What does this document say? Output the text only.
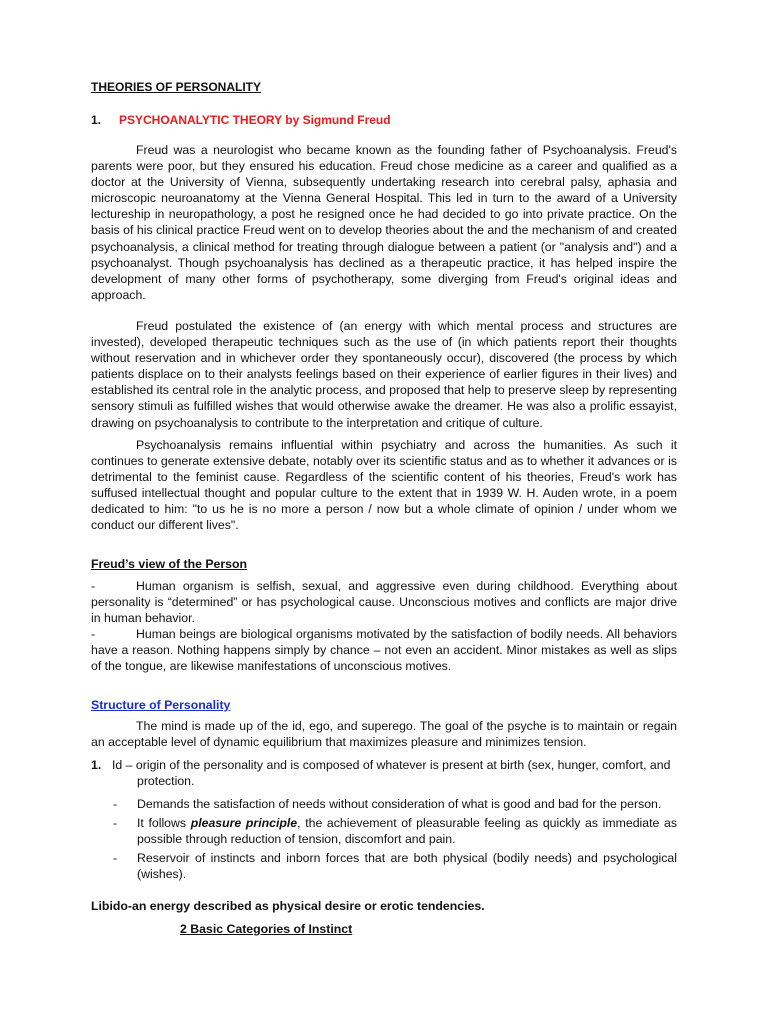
THEORIES OF PERSONALITY
1. PSYCHOANALYTIC THEORY by Sigmund Freud

Freud was a neurologist who became known as the founding father of Psychoanalysis. Freud's parents were poor, but they ensured his education. Freud chose medicine as a career and qualified as a doctor at the University of Vienna, subsequently undertaking research into cerebral palsy, aphasia and microscopic neuroanatomy at the Vienna General Hospital. This led in turn to the award of a University lectureship in neuropathology, a post he resigned once he had decided to go into private practice. On the basis of his clinical practice Freud went on to develop theories about the and the mechanism of and created psychoanalysis, a clinical method for treating through dialogue between a patient (or "analysis and") and a psychoanalyst. Though psychoanalysis has declined as a therapeutic practice, it has helped inspire the development of many other forms of psychotherapy, some diverging from Freud's original ideas and approach.

Freud postulated the existence of (an energy with which mental process and structures are invested), developed therapeutic techniques such as the use of (in which patients report their thoughts without reservation and in whichever order they spontaneously occur), discovered (the process by which patients displace on to their analysts feelings based on their experience of earlier figures in their lives) and established its central role in the analytic process, and proposed that help to preserve sleep by representing sensory stimuli as fulfilled wishes that would otherwise awake the dreamer. He was also a prolific essayist, drawing on psychoanalysis to contribute to the interpretation and critique of culture.

Psychoanalysis remains influential within psychiatry and across the humanities. As such it continues to generate extensive debate, notably over its scientific status and as to whether it advances or is detrimental to the feminist cause. Regardless of the scientific content of his theories, Freud's work has suffused intellectual thought and popular culture to the extent that in 1939 W. H. Auden wrote, in a poem dedicated to him: "to us he is no more a person / now but a whole climate of opinion / under whom we conduct our different lives".

Freud’s view of the Person
-	Human organism is selfish, sexual, and aggressive even during childhood. Everything about personality is “determined” or has psychological cause. Unconscious motives and conflicts are major drive in human behavior.
-	Human beings are biological organisms motivated by the satisfaction of bodily needs. All behaviors have a reason. Nothing happens simply by chance – not even an accident. Minor mistakes as well as slips of the tongue, are likewise manifestations of unconscious motives.
Structure of Personality

The mind is made up of the id, ego, and superego. The goal of the psyche is to maintain or regain an acceptable level of dynamic equilibrium that maximizes pleasure and minimizes tension.

1. Id – origin of the personality and is composed of whatever is present at birth (sex, hunger, comfort, and protection.
- Demands the satisfaction of needs without consideration of what is good and bad for the person.
- It follows pleasure principle, the achievement of pleasurable feeling as quickly as immediate as possible through reduction of tension, discomfort and pain.
- Reservoir of instincts and inborn forces that are both physical (bodily needs) and psychological (wishes).
Libido-an energy described as physical desire or erotic tendencies.
2 Basic Categories of Instinct
